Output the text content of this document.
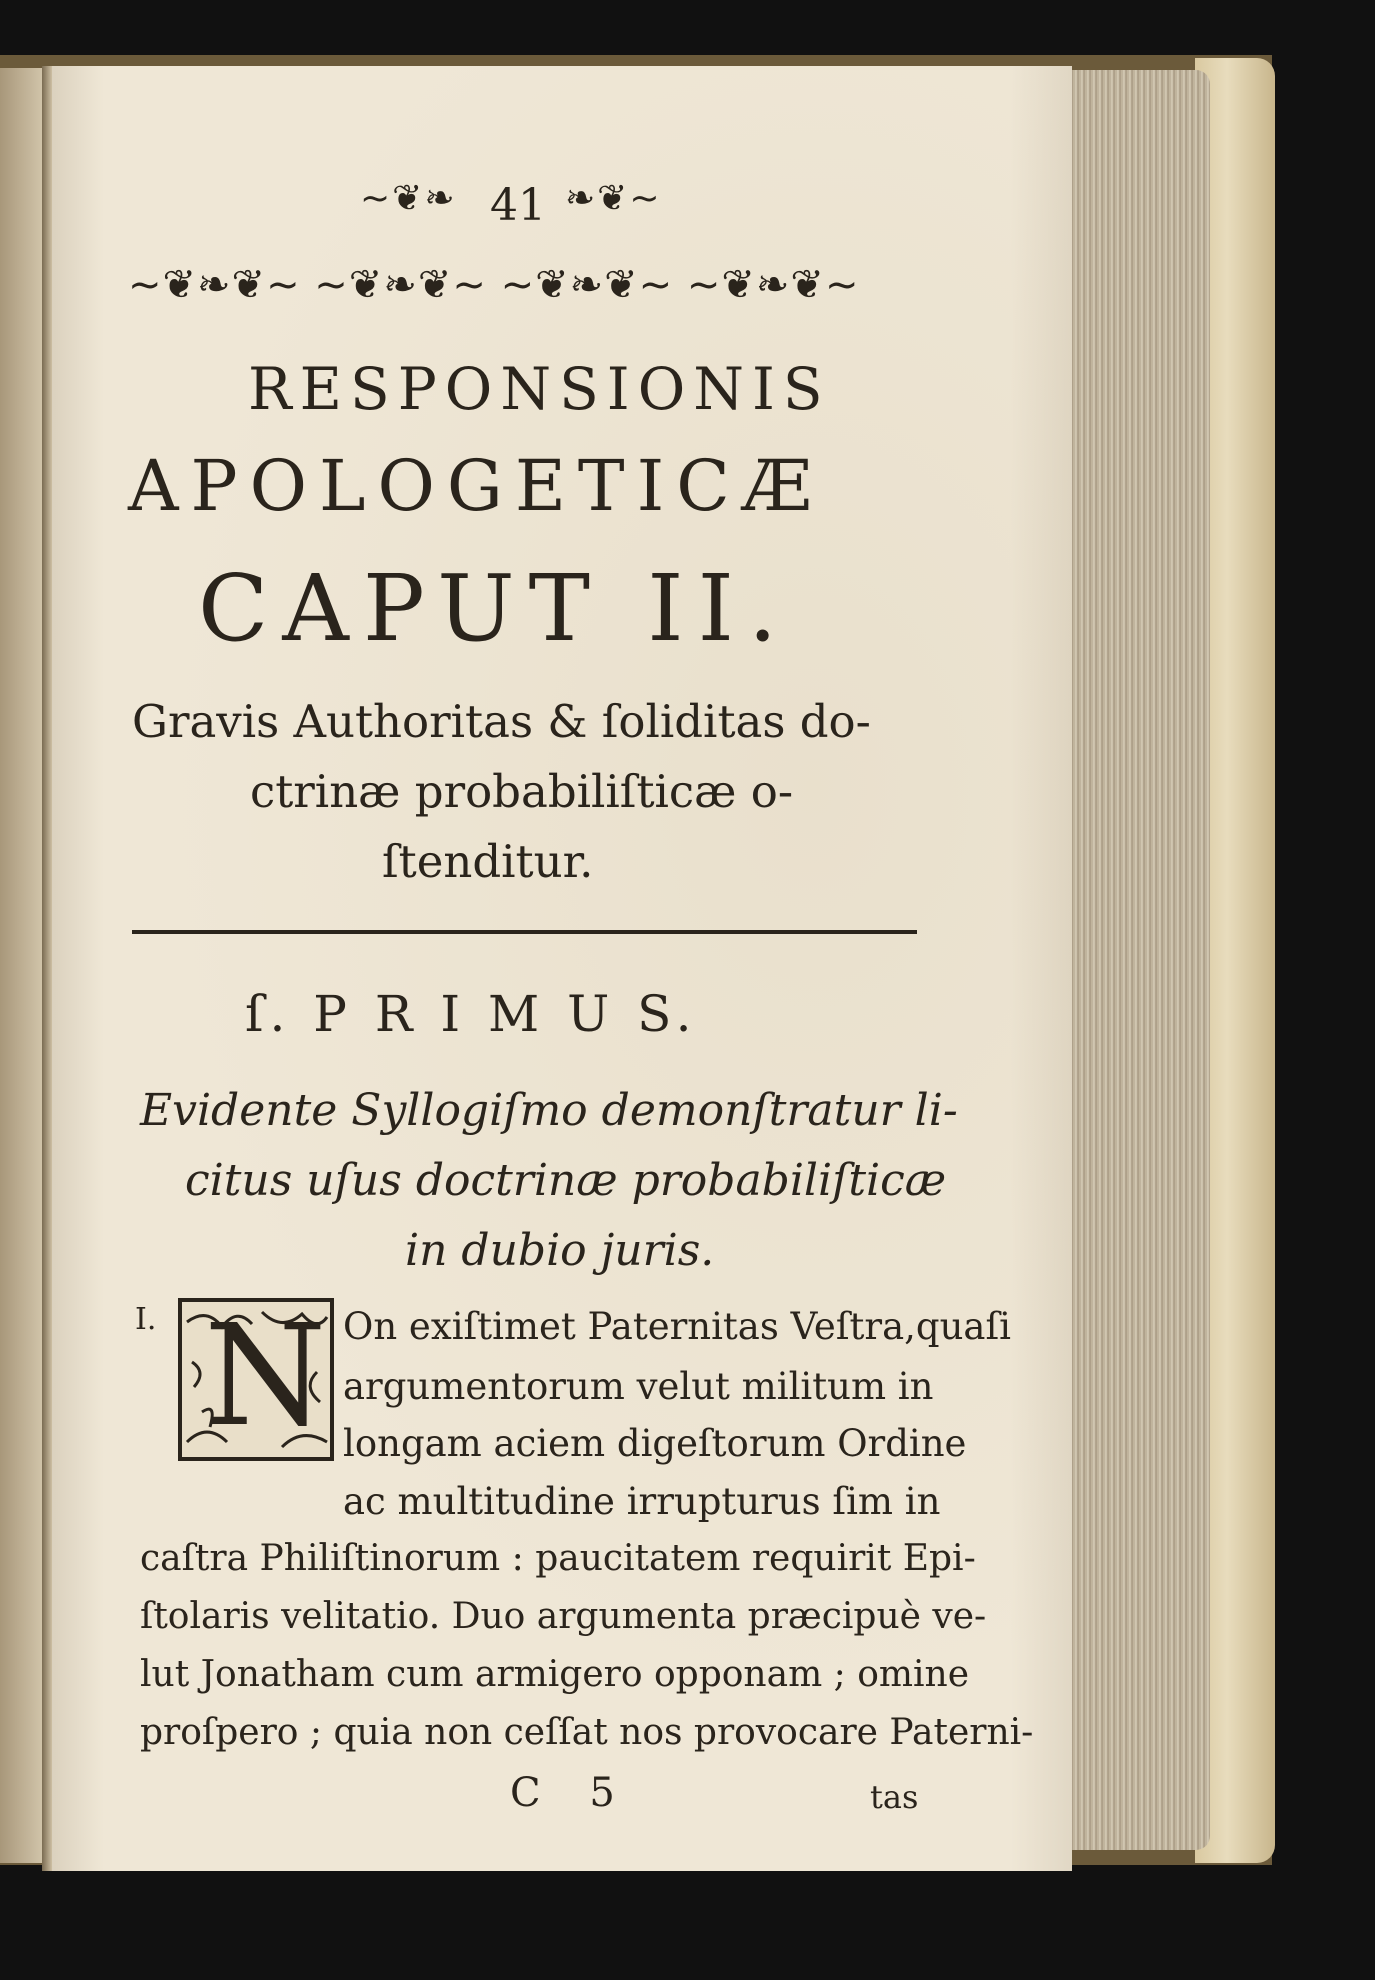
~❦❧ 41 ❧❦~
~❦❧❦~ ~❦❧❦~ ~❦❧❦~ ~❦❧❦~
RESPONSIONIS
APOLOGETICÆ
CAPUT II.
Gravis Authoritas & ſoliditas do-
ctrinæ probabiliſticæ o-
ſtenditur.
ſ. P R I M U S.
Evidente Syllogiſmo demonſtratur li-
citus uſus doctrinæ probabiliſticæ
in dubio juris.
I. N On exiſtimet Paternitas Veſtra,quaſi
argumentorum velut militum in
longam aciem digeſtorum Ordine
ac multitudine irrupturus ſim in
caſtra Philiſtinorum : paucitatem requirit Epi-
ſtolaris velitatio. Duo argumenta præcipuè ve-
lut Jonatham cum armigero opponam ; omine
proſpero ; quia non ceſſat nos provocare Paterni-
C 5	tas
